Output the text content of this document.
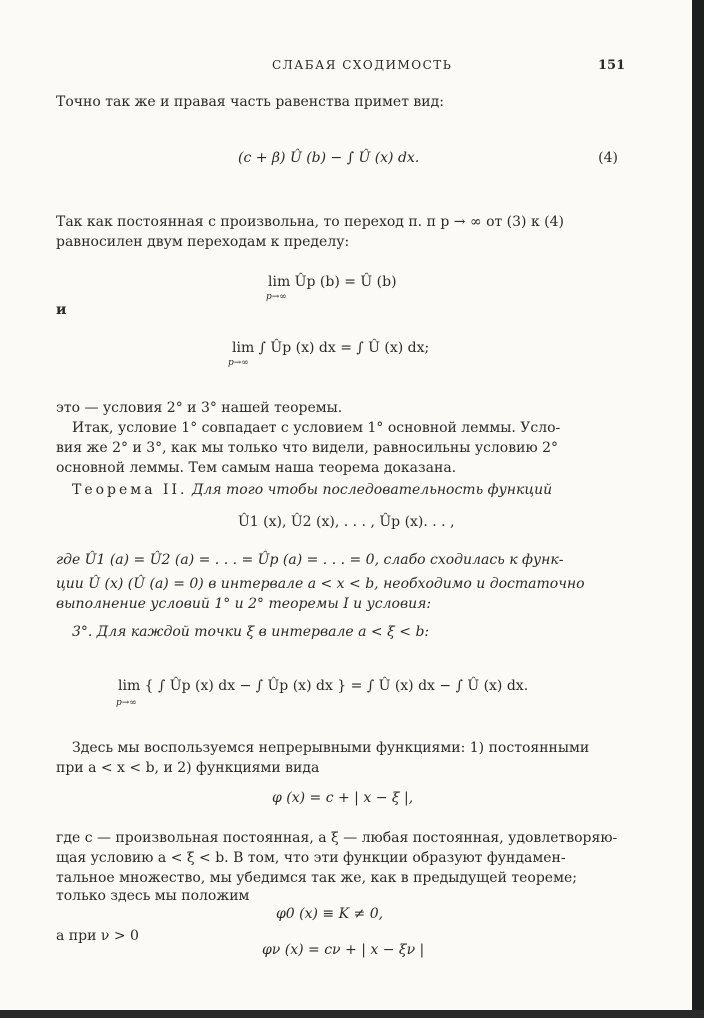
СЛАБАЯ СХОДИМОСТЬ	151
Точно так же и правая часть равенства примет вид:
(c + β) Û (b) − ∫ Û (x) dx.	(4)
Так как постоянная c произвольна, то переход п. п p → ∞ от (3) к (4)
равносилен двум переходам к пределу:
lim Ûp (b) = Û (b)
p→∞
и
lim ∫ Ûp (x) dx = ∫ Û (x) dx;
p→∞
это — условия 2° и 3° нашей теоремы.
Итак, условие 1° совпадает с условием 1° основной леммы. Усло-
вия же 2° и 3°, как мы только что видели, равносильны условию 2°
основной леммы. Тем самым наша теорема доказана.
Теорема II. Для того чтобы последовательность функций
Û1 (x), Û2 (x), . . . , Ûp (x). . . ,
где Û1 (a) = Û2 (a) = . . . = Ûp (a) = . . . = 0, слабо сходилась к функ-
ции Û (x) (Û (a) = 0) в интервале a < x < b, необходимо и достаточно
выполнение условий 1° и 2° теоремы I и условия:
3°. Для каждой точки ξ в интервале a < ξ < b:
lim { ∫ Ûp (x) dx − ∫ Ûp (x) dx } = ∫ Û (x) dx − ∫ Û (x) dx.
p→∞
Здесь мы воспользуемся непрерывными функциями: 1) постоянными
при a < x < b, и 2) функциями вида
φ (x) = c + | x − ξ |,
где c — произвольная постоянная, а ξ — любая постоянная, удовлетворяю-
щая условию a < ξ < b. В том, что эти функции образуют фундамен-
тальное множество, мы убедимся так же, как в предыдущей теореме;
только здесь мы положим
φ0 (x) ≡ K ≠ 0,
а при ν > 0
φν (x) = cν + | x − ξν |
